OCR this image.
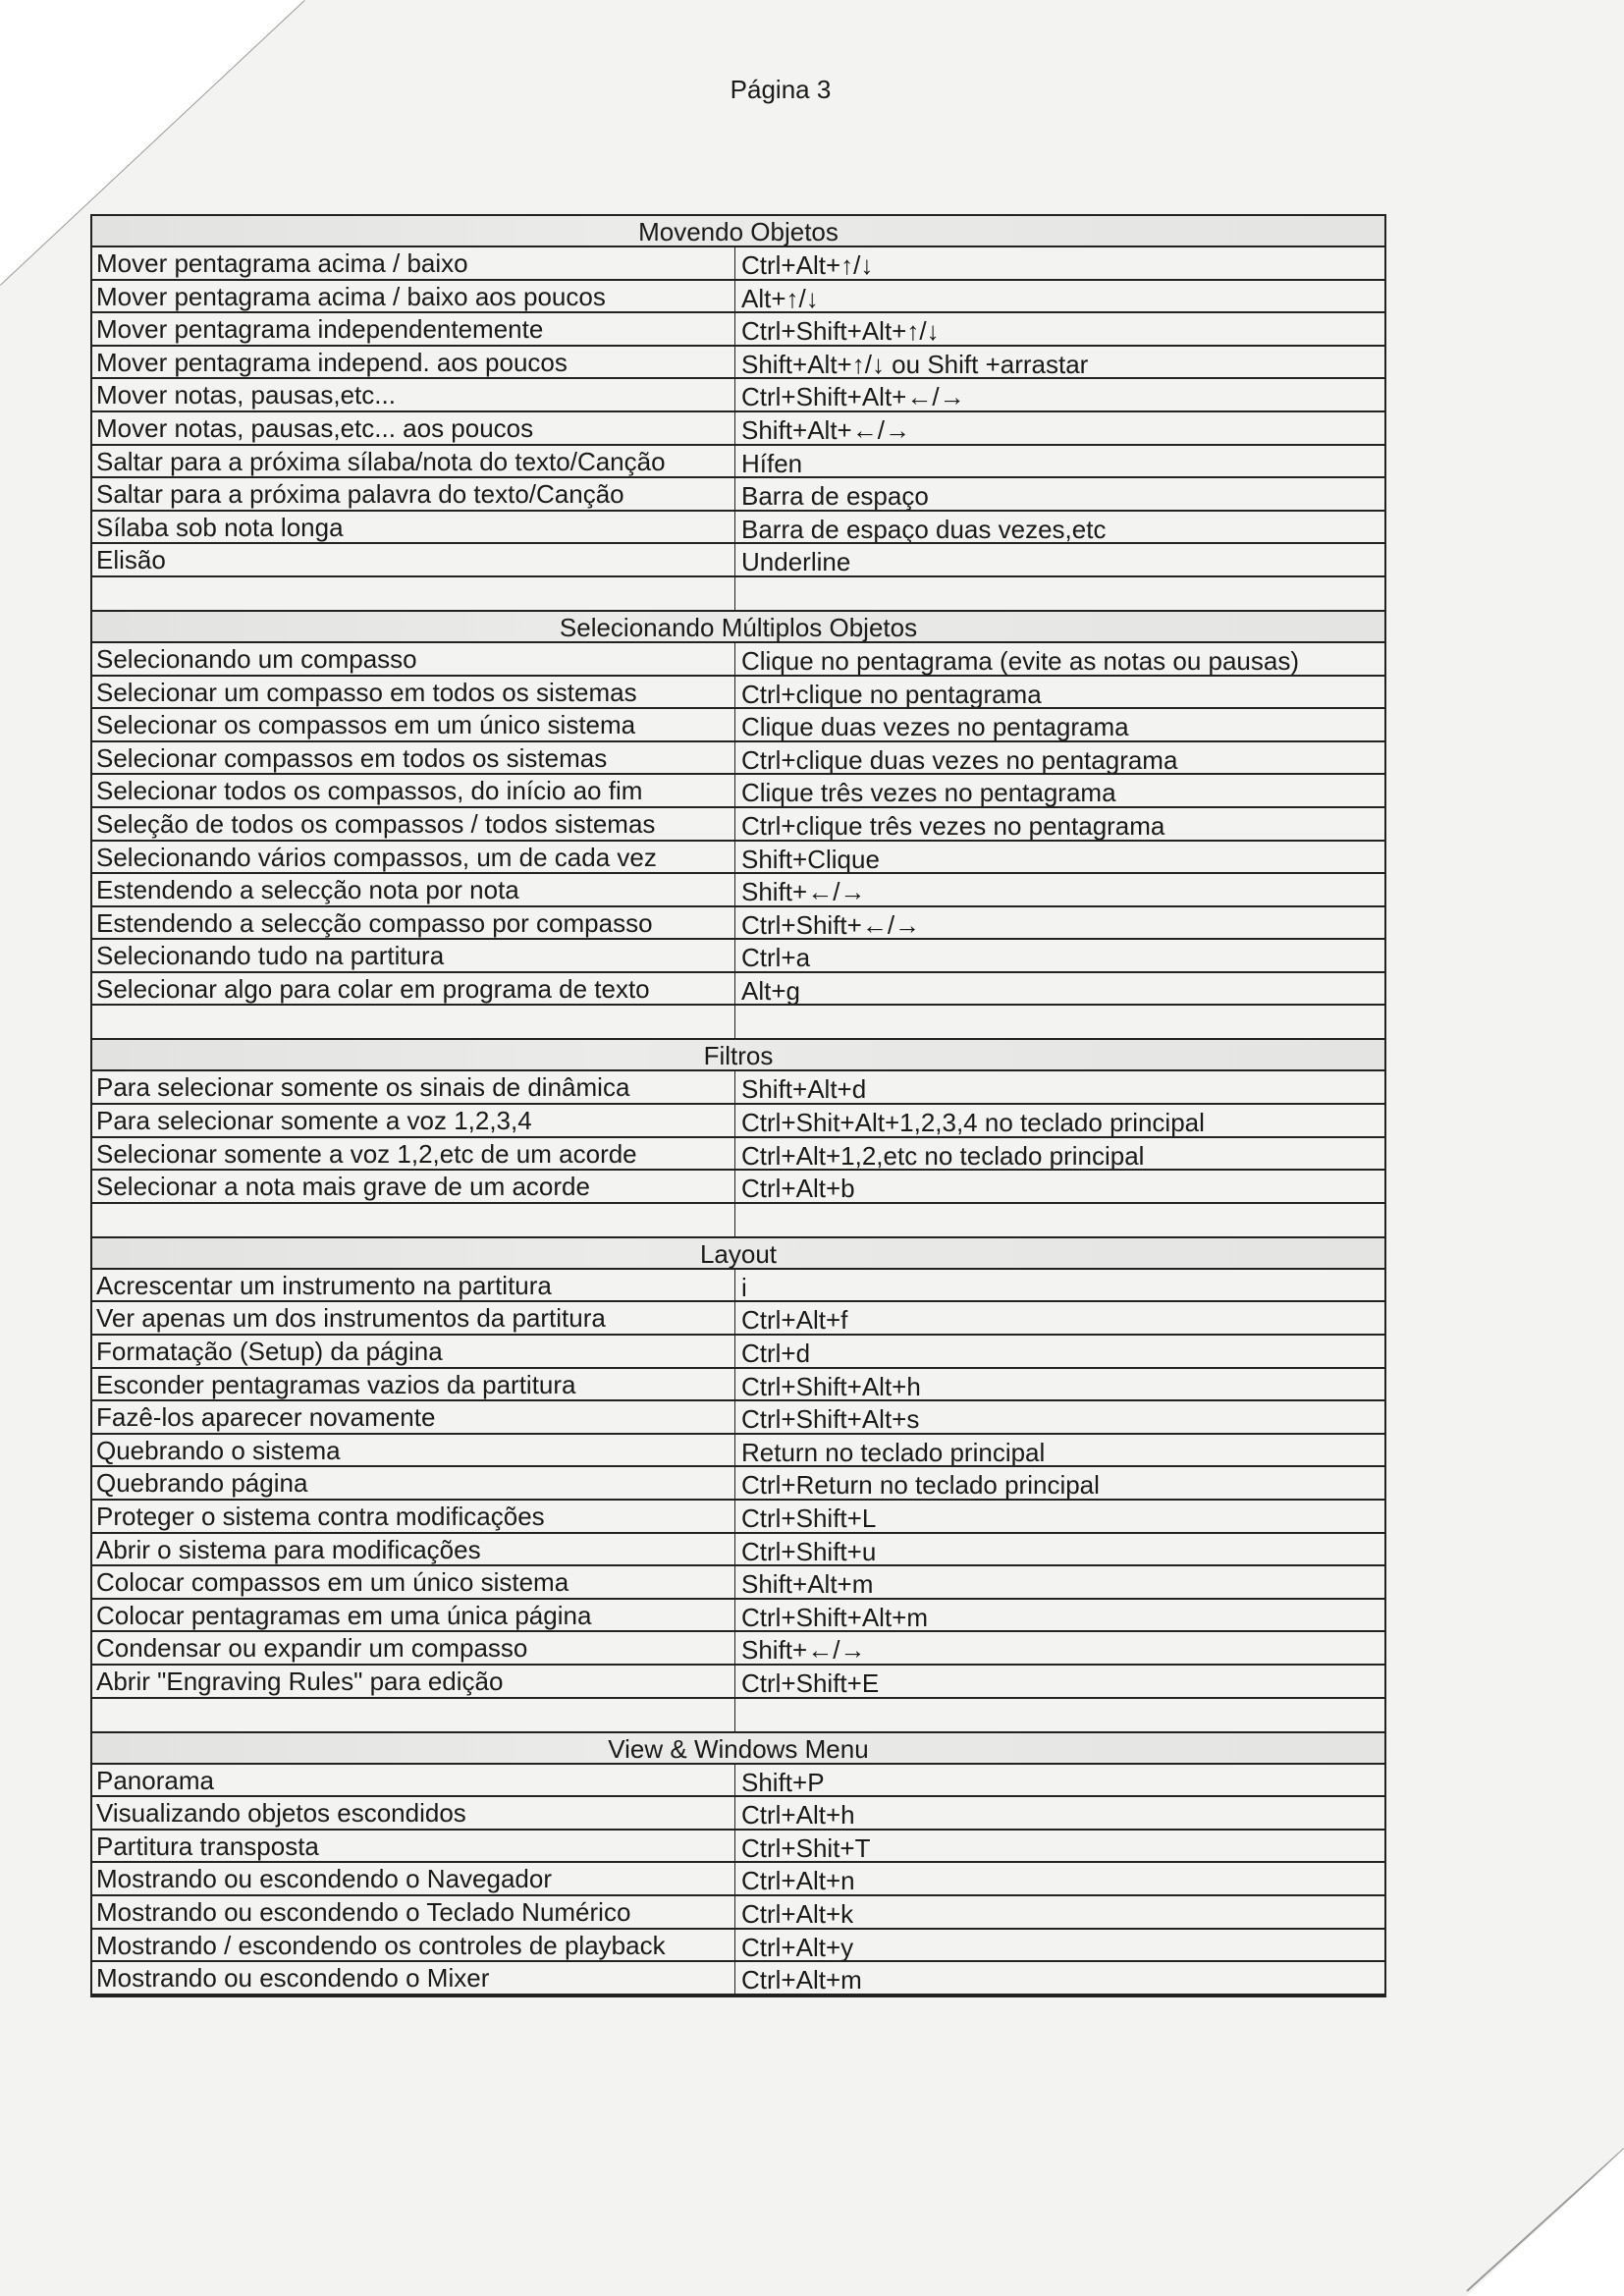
Página 3
Movendo Objetos
Mover pentagrama acima / baixo	Ctrl+Alt+↑/↓
Mover pentagrama acima / baixo aos poucos	Alt+↑/↓
Mover pentagrama independentemente	Ctrl+Shift+Alt+↑/↓
Mover pentagrama independ. aos poucos	Shift+Alt+↑/↓ ou Shift +arrastar
Mover notas, pausas,etc...	Ctrl+Shift+Alt+←/→
Mover notas, pausas,etc... aos poucos	Shift+Alt+←/→
Saltar para a próxima sílaba/nota do texto/Canção	Hífen
Saltar para a próxima palavra do texto/Canção	Barra de espaço
Sílaba sob nota longa	Barra de espaço duas vezes,etc
Elisão	Underline
Selecionando Múltiplos Objetos
Selecionando um compasso	Clique no pentagrama (evite as notas ou pausas)
Selecionar um compasso em todos os sistemas	Ctrl+clique no pentagrama
Selecionar os compassos em um único sistema	Clique duas vezes no pentagrama
Selecionar compassos em todos os sistemas	Ctrl+clique duas vezes no pentagrama
Selecionar todos os compassos, do início ao fim	Clique três vezes no pentagrama
Seleção de todos os compassos / todos sistemas	Ctrl+clique três vezes no pentagrama
Selecionando vários compassos, um de cada vez	Shift+Clique
Estendendo a selecção nota por nota	Shift+←/→
Estendendo a selecção compasso por compasso	Ctrl+Shift+←/→
Selecionando tudo na partitura	Ctrl+a
Selecionar algo para colar em programa de texto	Alt+g
Filtros
Para selecionar somente os sinais de dinâmica	Shift+Alt+d
Para selecionar somente a voz 1,2,3,4	Ctrl+Shit+Alt+1,2,3,4 no teclado principal
Selecionar somente a voz 1,2,etc de um acorde	Ctrl+Alt+1,2,etc no teclado principal
Selecionar a nota mais grave de um acorde	Ctrl+Alt+b
Layout
Acrescentar um instrumento na partitura	i
Ver apenas um dos instrumentos da partitura	Ctrl+Alt+f
Formatação (Setup) da página	Ctrl+d
Esconder pentagramas vazios da partitura	Ctrl+Shift+Alt+h
Fazê-los aparecer novamente	Ctrl+Shift+Alt+s
Quebrando o sistema	Return no teclado principal
Quebrando página	Ctrl+Return no teclado principal
Proteger o sistema contra modificações	Ctrl+Shift+L
Abrir o sistema para modificações	Ctrl+Shift+u
Colocar compassos em um único sistema	Shift+Alt+m
Colocar pentagramas em uma única página	Ctrl+Shift+Alt+m
Condensar ou expandir um compasso	Shift+←/→
Abrir "Engraving Rules" para edição	Ctrl+Shift+E
View & Windows Menu
Panorama	Shift+P
Visualizando objetos escondidos	Ctrl+Alt+h
Partitura transposta	Ctrl+Shit+T
Mostrando ou escondendo o Navegador	Ctrl+Alt+n
Mostrando ou escondendo o Teclado Numérico	Ctrl+Alt+k
Mostrando / escondendo os controles de playback	Ctrl+Alt+y
Mostrando ou escondendo o Mixer	Ctrl+Alt+m
